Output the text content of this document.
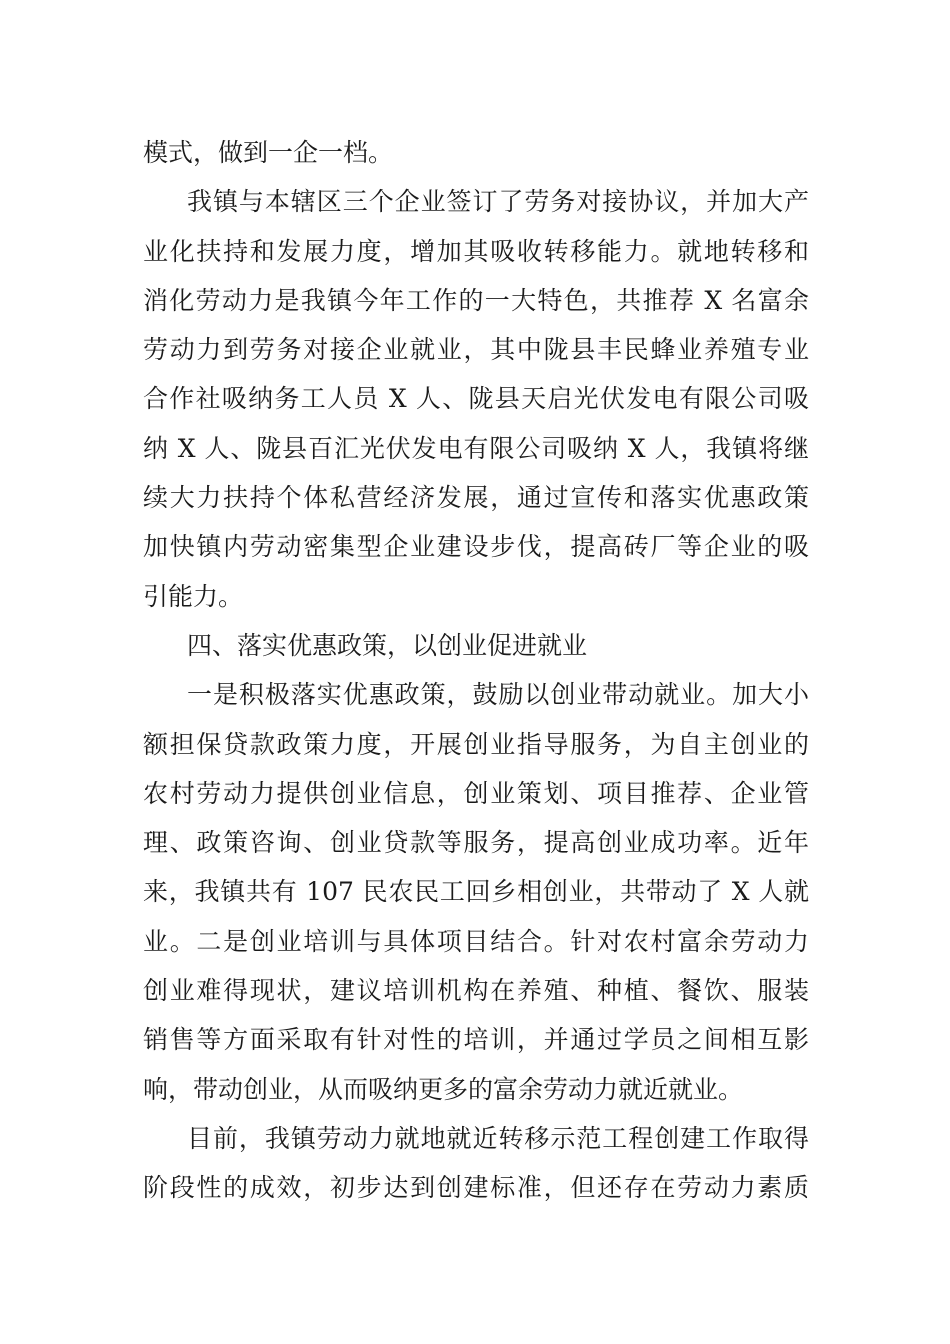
模式，做到一企一档。
我镇与本辖区三个企业签订了劳务对接协议，并加大产
业化扶持和发展力度，增加其吸收转移能力。就地转移和
消化劳动力是我镇今年工作的一大特色，共推荐 X 名富余
劳动力到劳务对接企业就业，其中陇县丰民蜂业养殖专业
合作社吸纳务工人员 X 人、陇县天启光伏发电有限公司吸
纳 X 人、陇县百汇光伏发电有限公司吸纳 X 人，我镇将继
续大力扶持个体私营经济发展，通过宣传和落实优惠政策
加快镇内劳动密集型企业建设步伐，提高砖厂等企业的吸
引能力。
四、落实优惠政策，以创业促进就业
一是积极落实优惠政策，鼓励以创业带动就业。加大小
额担保贷款政策力度，开展创业指导服务，为自主创业的
农村劳动力提供创业信息，创业策划、项目推荐、企业管
理、政策咨询、创业贷款等服务，提高创业成功率。近年
来，我镇共有 107 民农民工回乡相创业，共带动了 X 人就
业。二是创业培训与具体项目结合。针对农村富余劳动力
创业难得现状，建议培训机构在养殖、种植、餐饮、服装
销售等方面采取有针对性的培训，并通过学员之间相互影
响，带动创业，从而吸纳更多的富余劳动力就近就业。
目前，我镇劳动力就地就近转移示范工程创建工作取得
阶段性的成效，初步达到创建标准，但还存在劳动力素质
